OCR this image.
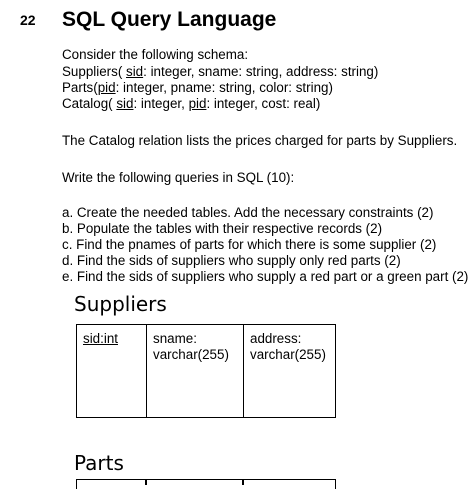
22 SQL Query Language
Consider the following schema:
Suppliers( sid: integer, sname: string, address: string)
Parts(pid: integer, pname: string, color: string)
Catalog( sid: integer, pid: integer, cost: real)
The Catalog relation lists the prices charged for parts by Suppliers.
Write the following queries in SQL (10):
a. Create the needed tables. Add the necessary constraints (2)
b. Populate the tables with their respective records (2)
c. Find the pnames of parts for which there is some supplier (2)
d. Find the sids of suppliers who supply only red parts (2)
e. Find the sids of suppliers who supply a red part or a green part (2)
Suppliers
sid:int	sname:
varchar(255)
address:
varchar(255)
Parts
